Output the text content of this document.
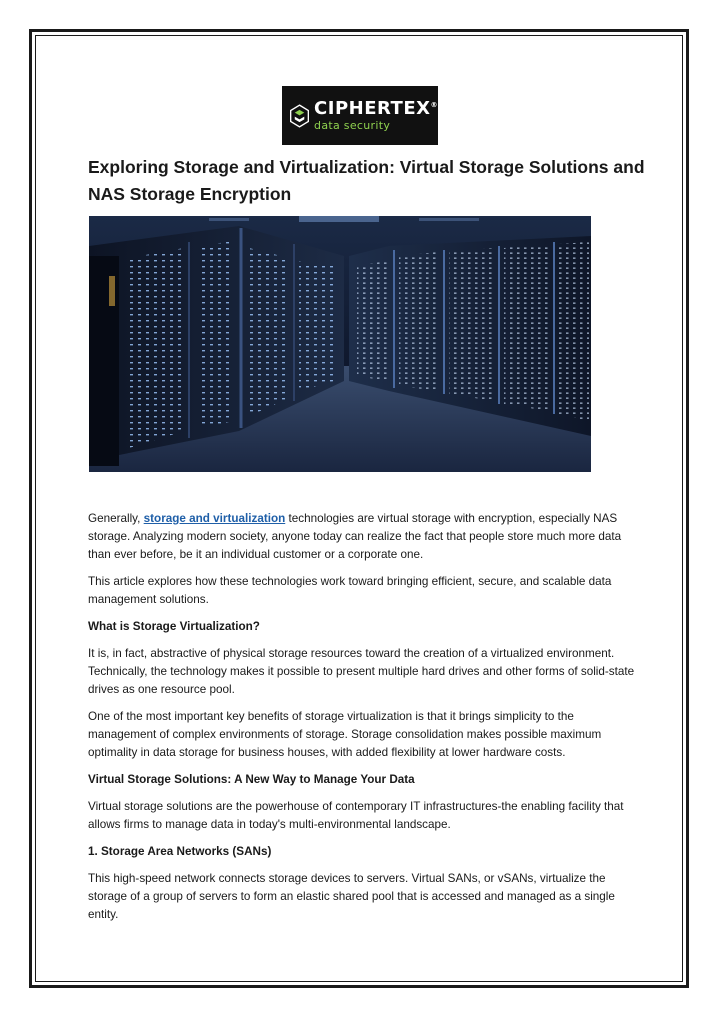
CIPHERTEX®
data security
Exploring Storage and Virtualization: Virtual Storage Solutions and NAS Storage Encryption

Generally, storage and virtualization technologies are virtual storage with encryption, especially NAS storage. Analyzing modern society, anyone today can realize the fact that people store much more data than ever before, be it an individual customer or a corporate one.

This article explores how these technologies work toward bringing efficient, secure, and scalable data management solutions.

What is Storage Virtualization?

It is, in fact, abstractive of physical storage resources toward the creation of a virtualized environment. Technically, the technology makes it possible to present multiple hard drives and other forms of solid-state drives as one resource pool.

One of the most important key benefits of storage virtualization is that it brings simplicity to the management of complex environments of storage. Storage consolidation makes possible maximum optimality in data storage for business houses, with added flexibility at lower hardware costs.

Virtual Storage Solutions: A New Way to Manage Your Data

Virtual storage solutions are the powerhouse of contemporary IT infrastructures-the enabling facility that allows firms to manage data in today's multi-environmental landscape.

1. Storage Area Networks (SANs)

This high-speed network connects storage devices to servers. Virtual SANs, or vSANs, virtualize the storage of a group of servers to form an elastic shared pool that is accessed and managed as a single entity.
